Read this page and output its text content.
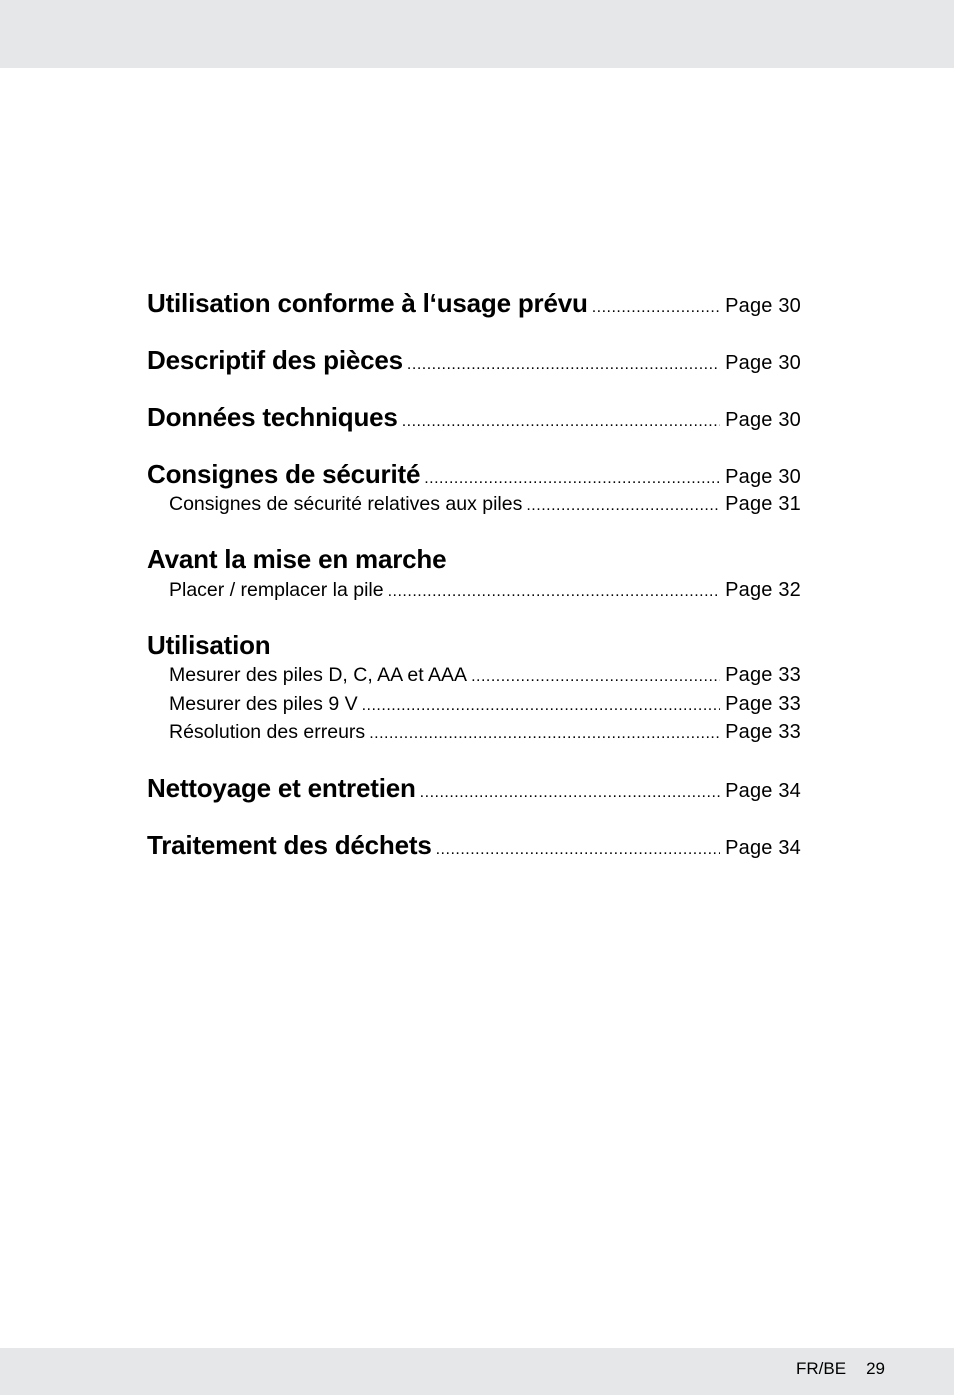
Utilisation conforme à l‘usage prévu .....	Page 30
Descriptif des pièces .....	Page 30
Données techniques .....	Page 30
Consignes de sécurité .....	Page 30
Consignes de sécurité relatives aux piles .....	Page 31
Avant la mise en marche
Placer / remplacer la pile .....	Page 32
Utilisation
Mesurer des piles D, C, AA et AAA .....	Page 33
Mesurer des piles 9 V .....	Page 33
Résolution des erreurs .....	Page 33
Nettoyage et entretien .....	Page 34
Traitement des déchets .....	Page 34
FR/BE 29
